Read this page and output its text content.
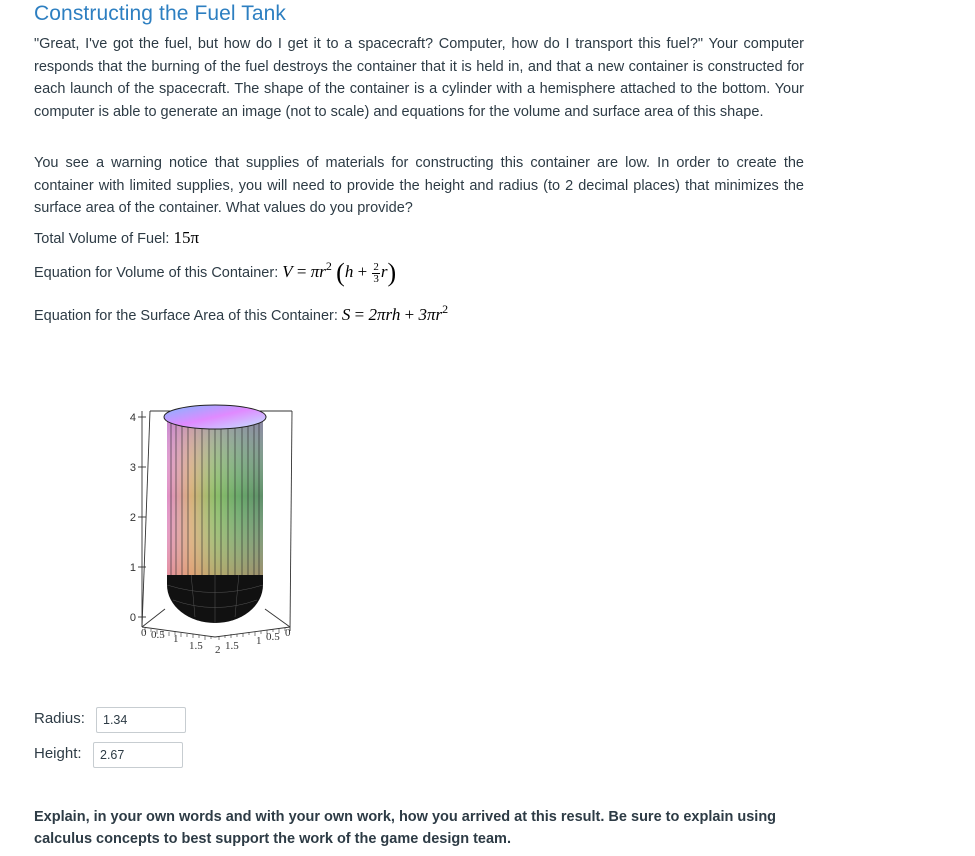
Constructing the Fuel Tank

"Great, I've got the fuel, but how do I get it to a spacecraft? Computer, how do I transport this fuel?" Your computer responds that the burning of the fuel destroys the container that it is held in, and that a new container is constructed for each launch of the spacecraft. The shape of the container is a cylinder with a hemisphere attached to the bottom. Your computer is able to generate an image (not to scale) and equations for the volume and surface area of this shape.

You see a warning notice that supplies of materials for constructing this container are low. In order to create the container with limited supplies, you will need to provide the height and radius (to 2 decimal places) that minimizes the surface area of the container. What values do you provide?

Total Volume of Fuel: 15π
Equation for Volume of this Container: $V = \pi r^2$ $(h + \frac{2}{3} r)$
Equation for the Surface Area of this Container: $S = 2\pi rh + 3\pi r^2$
4
3
2
1
0
0 0.5 1
1.5 2 1.5 1 0.5 0
Radius:
1.34
Height:
2.67

Explain, in your own words and with your own work, how you arrived at this result. Be sure to explain using calculus concepts to best support the work of the game design team.
